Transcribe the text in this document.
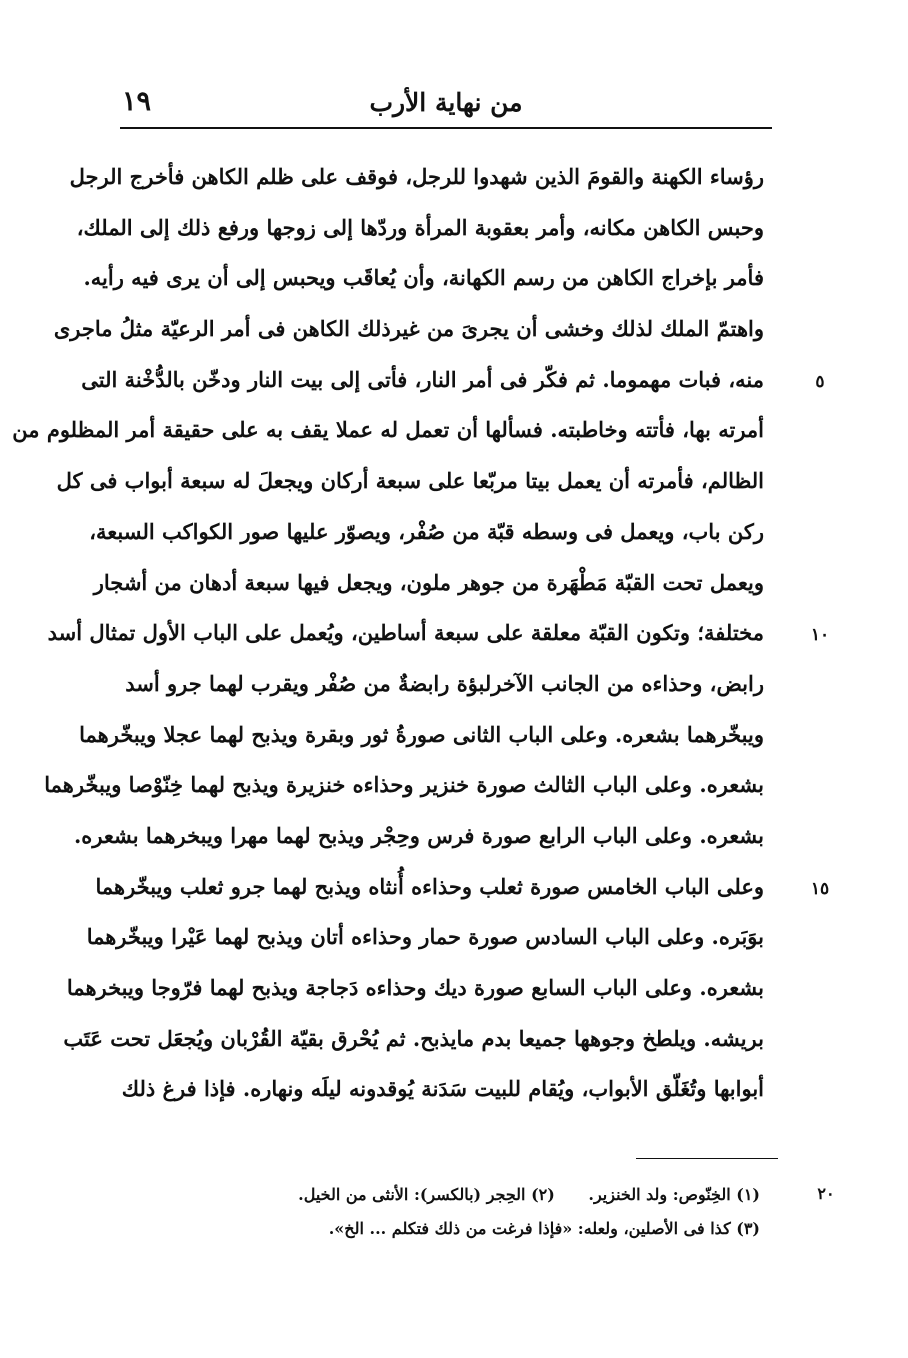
من نهاية الأرب
١٩
رؤساء الكهنة والقومَ الذين شهدوا للرجل، فوقف على ظلم الكاهن فأخرج الرجل
وحبس الكاهن مكانه، وأمر بعقوبة المرأة وردّها إلى زوجها ورفع ذلك إلى الملك،
فأمر بإخراج الكاهن من رسم الكهانة، وأن يُعاقَب ويحبس إلى أن يرى فيه رأيه.
واهتمّ الملك لذلك وخشى أن يجرىَ من غيرذلك الكاهن فى أمر الرعيّة مثلُ ماجرى
منه، فبات مهموما. ثم فكّر فى أمر النار، فأتى إلى بيت النار ودخّن بالدُّخْنة التى
أمرته بها، فأتته وخاطبته. فسألها أن تعمل له عملا يقف به على حقيقة أمر المظلوم من
الظالم، فأمرته أن يعمل بيتا مربّعا على سبعة أركان ويجعلَ له سبعة أبواب فى كل
ركن باب، ويعمل فى وسطه قبّة من صُفْر، ويصوّر عليها صور الكواكب السبعة،
ويعمل تحت القبّة مَطْهَرة من جوهر ملون، ويجعل فيها سبعة أدهان من أشجار
مختلفة؛ وتكون القبّة معلقة على سبعة أساطين، ويُعمل على الباب الأول تمثال أسد
رابض، وحذاءه من الجانب الآخرلبؤة رابضةٌ من صُفْر ويقرب لهما جرو أسد
ويبخّرهما بشعره. وعلى الباب الثانى صورةُ ثور وبقرة ويذبح لهما عجلا ويبخّرهما
بشعره. وعلى الباب الثالث صورة خنزير وحذاءه خنزيرة ويذبح لهما خِنّوْصا ويبخّرهما
بشعره. وعلى الباب الرابع صورة فرس وحِجْر ويذبح لهما مهرا ويبخرهما بشعره.
وعلى الباب الخامس صورة ثعلب وحذاءه أُنثاه ويذبح لهما جرو ثعلب ويبخّرهما
بوَبَره. وعلى الباب السادس صورة حمار وحذاءه أتان ويذبح لهما عَيْرا ويبخّرهما
بشعره. وعلى الباب السابع صورة ديك وحذاءه دَجاجة ويذبح لهما فرّوجا ويبخرهما
بريشه. ويلطخ وجوهها جميعا بدم مايذبح. ثم يُحْرق بقيّة القُرْبان ويُجعَل تحت عَتَب
أبوابها وتُغَلّق الأبواب، ويُقام للبيت سَدَنة يُوقدونه ليلَه ونهاره. فإذا فرغ ذلك
٥
١٠
١٥
٢٠
(١) الخِنّوص: ولد الخنزير. (٢) الحِجر (بالكسر): الأنثى من الخيل.
(٣) كذا فى الأصلين، ولعله: «فإذا فرغت من ذلك فتكلم ... الخ».
